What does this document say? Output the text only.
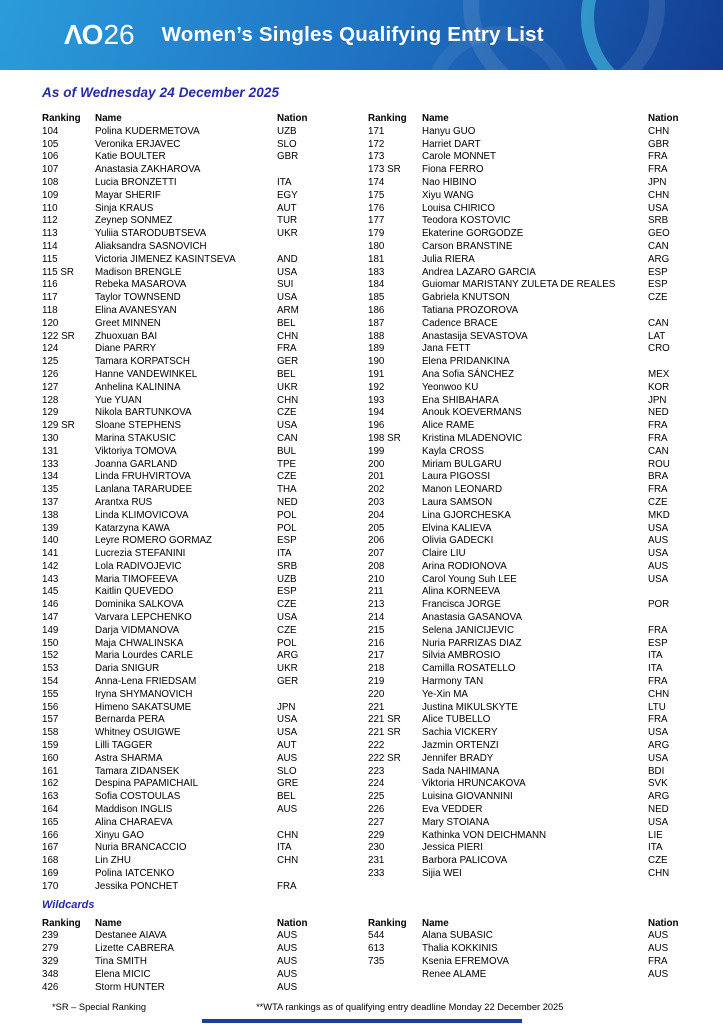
ΛO 26 Women’s Singles Qualifying Entry List
As of Wednesday 24 December 2025
Ranking	Name	Nation
104	Polina KUDERMETOVA	UZB
105	Veronika ERJAVEC	SLO
106	Katie BOULTER	GBR
107	Anastasia ZAKHAROVA
108	Lucia BRONZETTI	ITA
109	Mayar SHERIF	EGY
110	Sinja KRAUS	AUT
112	Zeynep SONMEZ	TUR
113	Yuliia STARODUBTSEVA	UKR
114	Aliaksandra SASNOVICH
115	Victoria JIMENEZ KASINTSEVA	AND
115 SR	Madison BRENGLE	USA
116	Rebeka MASAROVA	SUI
117	Taylor TOWNSEND	USA
118	Elina AVANESYAN	ARM
120	Greet MINNEN	BEL
122 SR	Zhuoxuan BAI	CHN
124	Diane PARRY	FRA
125	Tamara KORPATSCH	GER
126	Hanne VANDEWINKEL	BEL
127	Anhelina KALININA	UKR
128	Yue YUAN	CHN
129	Nikola BARTUNKOVA	CZE
129 SR	Sloane STEPHENS	USA
130	Marina STAKUSIC	CAN
131	Viktoriya TOMOVA	BUL
133	Joanna GARLAND	TPE
134	Linda FRUHVIRTOVA	CZE
135	Lanlana TARARUDEE	THA
137	Arantxa RUS	NED
138	Linda KLIMOVICOVA	POL
139	Katarzyna KAWA	POL
140	Leyre ROMERO GORMAZ	ESP
141	Lucrezia STEFANINI	ITA
142	Lola RADIVOJEVIC	SRB
143	Maria TIMOFEEVA	UZB
145	Kaitlin QUEVEDO	ESP
146	Dominika SALKOVA	CZE
147	Varvara LEPCHENKO	USA
149	Darja VIDMANOVA	CZE
150	Maja CHWALINSKA	POL
152	Maria Lourdes CARLE	ARG
153	Daria SNIGUR	UKR
154	Anna-Lena FRIEDSAM	GER
155	Iryna SHYMANOVICH
156	Himeno SAKATSUME	JPN
157	Bernarda PERA	USA
158	Whitney OSUIGWE	USA
159	Lilli TAGGER	AUT
160	Astra SHARMA	AUS
161	Tamara ZIDANSEK	SLO
162	Despina PAPAMICHAIL	GRE
163	Sofia COSTOULAS	BEL
164	Maddison INGLIS	AUS
165	Alina CHARAEVA
166	Xinyu GAO	CHN
167	Nuria BRANCACCIO	ITA
168	Lin ZHU	CHN
169	Polina IATCENKO
170	Jessika PONCHET	FRA
Ranking	Name	Nation
171	Hanyu GUO	CHN
172	Harriet DART	GBR
173	Carole MONNET	FRA
173 SR	Fiona FERRO	FRA
174	Nao HIBINO	JPN
175	Xiyu WANG	CHN
176	Louisa CHIRICO	USA
177	Teodora KOSTOVIC	SRB
179	Ekaterine GORGODZE	GEO
180	Carson BRANSTINE	CAN
181	Julia RIERA	ARG
183	Andrea LAZARO GARCIA	ESP
184	Guiomar MARISTANY ZULETA DE REALES	ESP
185	Gabriela KNUTSON	CZE
186	Tatiana PROZOROVA
187	Cadence BRACE	CAN
188	Anastasija SEVASTOVA	LAT
189	Jana FETT	CRO
190	Elena PRIDANKINA
191	Ana Sofia SÁNCHEZ	MEX
192	Yeonwoo KU	KOR
193	Ena SHIBAHARA	JPN
194	Anouk KOEVERMANS	NED
196	Alice RAME	FRA
198 SR	Kristina MLADENOVIC	FRA
199	Kayla CROSS	CAN
200	Miriam BULGARU	ROU
201	Laura PIGOSSI	BRA
202	Manon LEONARD	FRA
203	Laura SAMSON	CZE
204	Lina GJORCHESKA	MKD
205	Elvina KALIEVA	USA
206	Olivia GADECKI	AUS
207	Claire LIU	USA
208	Arina RODIONOVA	AUS
210	Carol Young Suh LEE	USA
211	Alina KORNEEVA
213	Francisca JORGE	POR
214	Anastasia GASANOVA
215	Selena JANICIJEVIC	FRA
216	Nuria PARRIZAS DIAZ	ESP
217	Silvia AMBROSIO	ITA
218	Camilla ROSATELLO	ITA
219	Harmony TAN	FRA
220	Ye-Xin MA	CHN
221	Justina MIKULSKYTE	LTU
221 SR	Alice TUBELLO	FRA
221 SR	Sachia VICKERY	USA
222	Jazmin ORTENZI	ARG
222 SR	Jennifer BRADY	USA
223	Sada NAHIMANA	BDI
224	Viktoria HRUNCAKOVA	SVK
225	Luisina GIOVANNINI	ARG
226	Eva VEDDER	NED
227	Mary STOIANA	USA
229	Kathinka VON DEICHMANN	LIE
230	Jessica PIERI	ITA
231	Barbora PALICOVA	CZE
233	Sijia WEI	CHN
Wildcards
Ranking	Name	Nation
239	Destanee AIAVA	AUS
279	Lizette CABRERA	AUS
329	Tina SMITH	AUS
348	Elena MICIC	AUS
426	Storm HUNTER	AUS
Ranking	Name	Nation
544	Alana SUBASIC	AUS
613	Thalia KOKKINIS	AUS
735	Ksenia EFREMOVA	FRA
Renee ALAME	AUS
*SR – Special Ranking	**WTA rankings as of qualifying entry deadline Monday 22 December 2025
